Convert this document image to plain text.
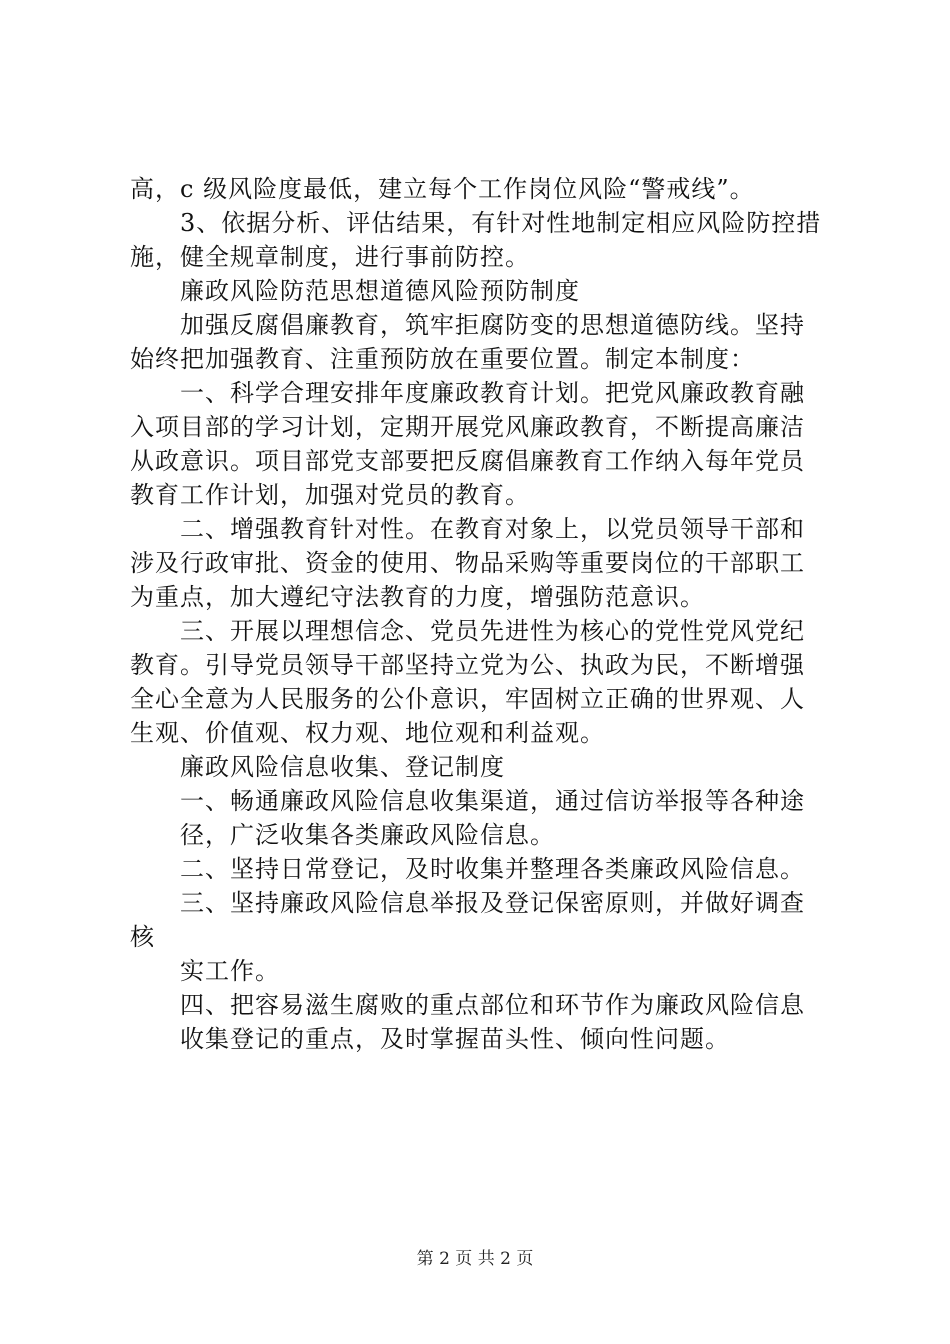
高，c 级风险度最低，建立每个工作岗位风险“警戒线”。
3、依据分析、评估结果，有针对性地制定相应风险防控措
施，健全规章制度，进行事前防控。
廉政风险防范思想道德风险预防制度
加强反腐倡廉教育，筑牢拒腐防变的思想道德防线。坚持
始终把加强教育、注重预防放在重要位置。制定本制度：
一、科学合理安排年度廉政教育计划。把党风廉政教育融
入项目部的学习计划，定期开展党风廉政教育，不断提高廉洁
从政意识。项目部党支部要把反腐倡廉教育工作纳入每年党员
教育工作计划，加强对党员的教育。
二、增强教育针对性。在教育对象上，以党员领导干部和
涉及行政审批、资金的使用、物品采购等重要岗位的干部职工
为重点，加大遵纪守法教育的力度，增强防范意识。
三、开展以理想信念、党员先进性为核心的党性党风党纪
教育。引导党员领导干部坚持立党为公、执政为民，不断增强
全心全意为人民服务的公仆意识，牢固树立正确的世界观、人
生观、价值观、权力观、地位观和利益观。
廉政风险信息收集、登记制度
一、畅通廉政风险信息收集渠道，通过信访举报等各种途
径，广泛收集各类廉政风险信息。
二、坚持日常登记，及时收集并整理各类廉政风险信息。
三、坚持廉政风险信息举报及登记保密原则，并做好调查
核
实工作。
四、把容易滋生腐败的重点部位和环节作为廉政风险信息
收集登记的重点，及时掌握苗头性、倾向性问题。
第 2 页 共 2 页
